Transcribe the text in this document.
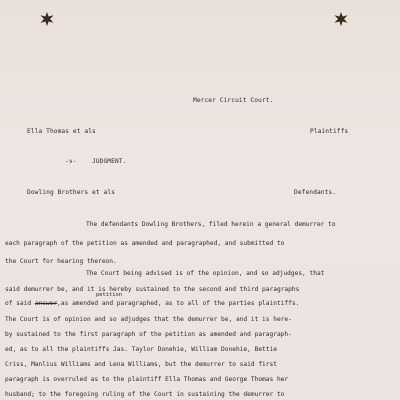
Mercer Circuit Court.
Ella Thomas et als	Plaintiffs
-v-	JUDGMENT.
Dowling Brothers et als	Defendants.
The defendants Dowling Brothers, filed herein a general demurrer to
each paragraph of the petition as amended and paragraphed, and submitted to
the Court for hearing thereon.
The Court being advised is of the opinion, and so adjudges, that
said demurrer be, and it is hereby sustained to the second and third paragraphs
petition
of said answer,as amended and paragraphed, as to all of the parties plaintiffs.
The Court is of opinion and so adjudges that the demurrer be, and it is here-
by sustained to the first paragraph of the petition as amended and paragraph-
ed, as to all the plaintiffs Jas. Taylor Donehie, William Donehie, Bettie
Criss, Manlius Williams and Lena Williams, but the demurrer to said first
paragraph is overruled as to the plaintiff Ella Thomas and George Thomas her
husband; to the foregoing ruling of the Court in sustaining the demurrer to
